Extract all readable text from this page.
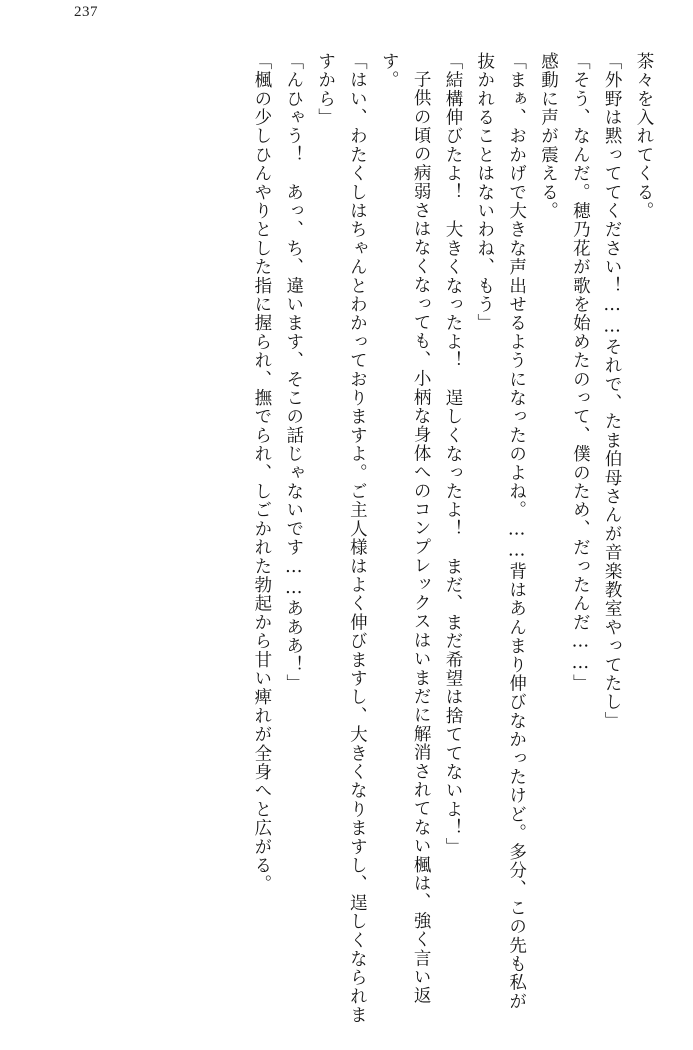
237

茶々を入れてくる。

「外野は黙っててください！……それで、たま伯母さんが音楽教室やってたし」

「そう、なんだ。穂乃花が歌を始めたのって、僕のため、だったんだ……」

感動に声が震える。

「まぁ、おかげで大きな声出せるようになったのよね。……背はあんまり伸びなかったけど。多分、この先も私が抜かれることはないわね、もう」

「結構伸びたよ！　大きくなったよ！　逞しくなったよ！　まだ、まだ希望は捨ててないよ！」

子供の頃の病弱さはなくなっても、小柄な身体へのコンプレックスはいまだに解消されてない楓は、強く言い返す。

「はい、わたくしはちゃんとわかっておりますよ。ご主人様はよく伸びますし、大きくなりますし、逞しくなられますから」

「んひゃう！　あっ、ち、違います、そこの話じゃないです……あああ！」

「楓の少しひんやりとした指に握られ、撫でられ、しごかれた勃起から甘い痺れが全身へと広がる。
